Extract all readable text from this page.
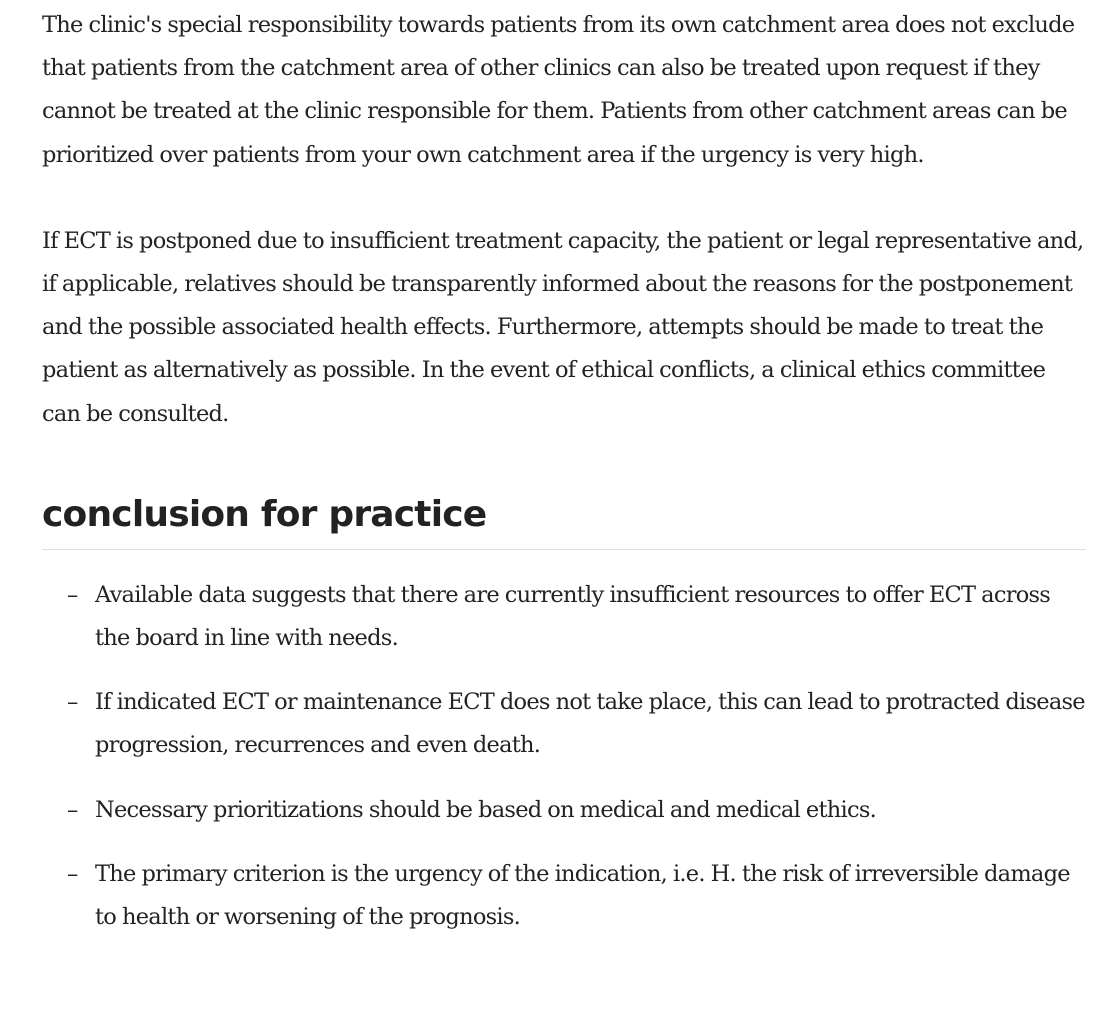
The clinic's special responsibility towards patients from its own catchment area does not exclude that patients from the catchment area of other clinics can also be treated upon request if they cannot be treated at the clinic responsible for them. Patients from other catchment areas can be prioritized over patients from your own catchment area if the urgency is very high.

If ECT is postponed due to insufficient treatment capacity, the patient or legal representative and, if applicable, relatives should be transparently informed about the reasons for the postponement and the possible associated health effects. Furthermore, attempts should be made to treat the patient as alternatively as possible. In the event of ethical conflicts, a clinical ethics committee can be consulted.

conclusion for practice
– Available data suggests that there are currently insufficient resources to offer ECT across the board in line with needs.
– If indicated ECT or maintenance ECT does not take place, this can lead to protracted disease progression, recurrences and even death.
– Necessary prioritizations should be based on medical and medical ethics.
– The primary criterion is the urgency of the indication, i.e. H. the risk of irreversible damage to health or worsening of the prognosis.
